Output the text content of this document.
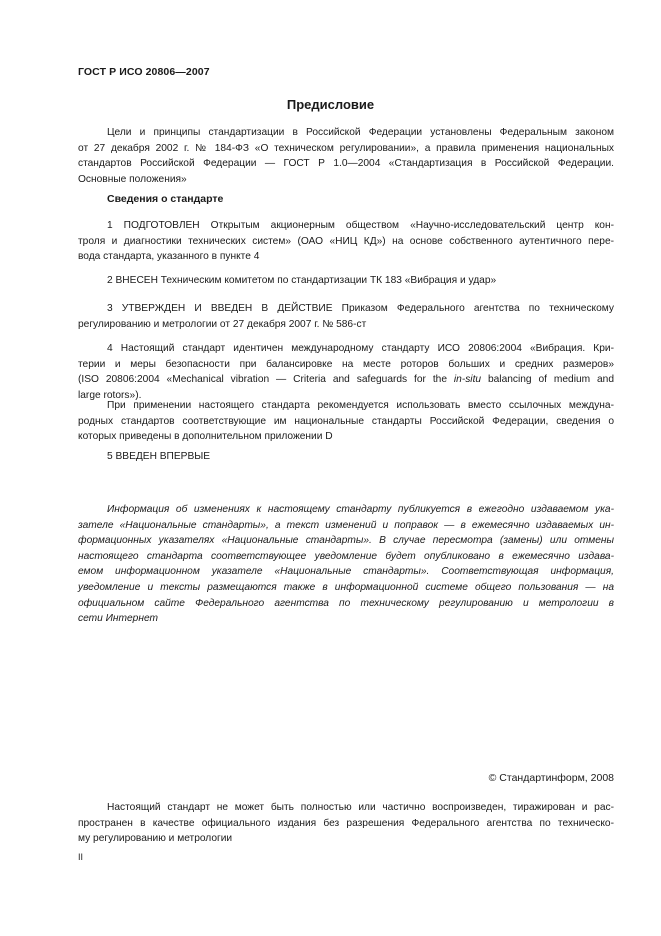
ГОСТ Р ИСО 20806—2007
Предисловие
Цели и принципы стандартизации в Российской Федерации установлены Федеральным законом
от 27 декабря 2002 г. № 184-ФЗ «О техническом регулировании», а правила применения национальных
стандартов Российской Федерации — ГОСТ Р 1.0—2004 «Стандартизация в Российской Федерации.
Основные положения»
Сведения о стандарте
1 ПОДГОТОВЛЕН Открытым акционерным обществом «Научно-исследовательский центр кон-
троля и диагностики технических систем» (ОАО «НИЦ КД») на основе собственного аутентичного пере-
вода стандарта, указанного в пункте 4
2 ВНЕСЕН Техническим комитетом по стандартизации ТК 183 «Вибрация и удар»
3 УТВЕРЖДЕН И ВВЕДЕН В ДЕЙСТВИЕ Приказом Федерального агентства по техническому
регулированию и метрологии от 27 декабря 2007 г. № 586-ст
4 Настоящий стандарт идентичен международному стандарту ИСО 20806:2004 «Вибрация. Кри-
терии и меры безопасности при балансировке на месте роторов больших и средних размеров»
(ISO 20806:2004 «Mechanical vibration — Criteria and safeguards for the in-situ balancing of medium and
large rotors»).
При применении настоящего стандарта рекомендуется использовать вместо ссылочных междуна-
родных стандартов соответствующие им национальные стандарты Российской Федерации, сведения о
которых приведены в дополнительном приложении D
5 ВВЕДЕН ВПЕРВЫЕ
Информация об изменениях к настоящему стандарту публикуется в ежегодно издаваемом ука-
зателе «Национальные стандарты», а текст изменений и поправок — в ежемесячно издаваемых ин-
формационных указателях «Национальные стандарты». В случае пересмотра (замены) или отмены
настоящего стандарта соответствующее уведомление будет опубликовано в ежемесячно издава-
емом информационном указателе «Национальные стандарты». Соответствующая информация,
уведомление и тексты размещаются также в информационной системе общего пользования — на
официальном сайте Федерального агентства по техническому регулированию и метрологии в
сети Интернет
© Стандартинформ, 2008
Настоящий стандарт не может быть полностью или частично воспроизведен, тиражирован и рас-
пространен в качестве официального издания без разрешения Федерального агентства по техническо-
му регулированию и метрологии
II
